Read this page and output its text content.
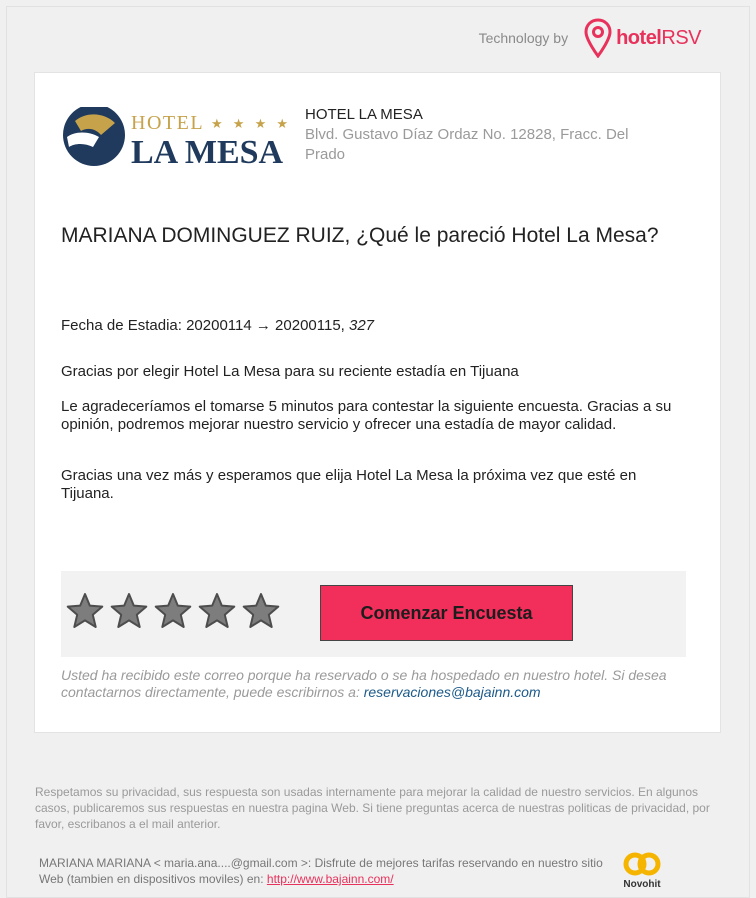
Technology by hotelRSV
HOTEL ★ ★ ★ ★
LA MESA
HOTEL LA MESA
Blvd. Gustavo Díaz Ordaz No. 12828, Fracc. Del Prado
MARIANA DOMINGUEZ RUIZ, ¿Qué le pareció Hotel La Mesa?
Fecha de Estadia: 20200114 → 20200115, 327
Gracias por elegir Hotel La Mesa para su reciente estadía en Tijuana
Le agradeceríamos el tomarse 5 minutos para contestar la siguiente encuesta. Gracias a su opinión, podremos mejorar nuestro servicio y ofrecer una estadía de mayor calidad.
Gracias una vez más y esperamos que elija Hotel La Mesa la próxima vez que esté en Tijuana.
Comenzar Encuesta
Usted ha recibido este correo porque ha reservado o se ha hospedado en nuestro hotel. Si desea contactarnos directamente, puede escribirnos a: reservaciones@bajainn.com
Respetamos su privacidad, sus respuesta son usadas internamente para mejorar la calidad de nuestro servicios. En algunos casos, publicaremos sus respuestas en nuestra pagina Web. Si tiene preguntas acerca de nuestras politicas de privacidad, por favor, escribanos a el mail anterior.
MARIANA MARIANA < maria.ana....@gmail.com >: Disfrute de mejores tarifas reservando en nuestro sitio Web (tambien en dispositivos moviles) en: http://www.bajainn.com/	Novohit
